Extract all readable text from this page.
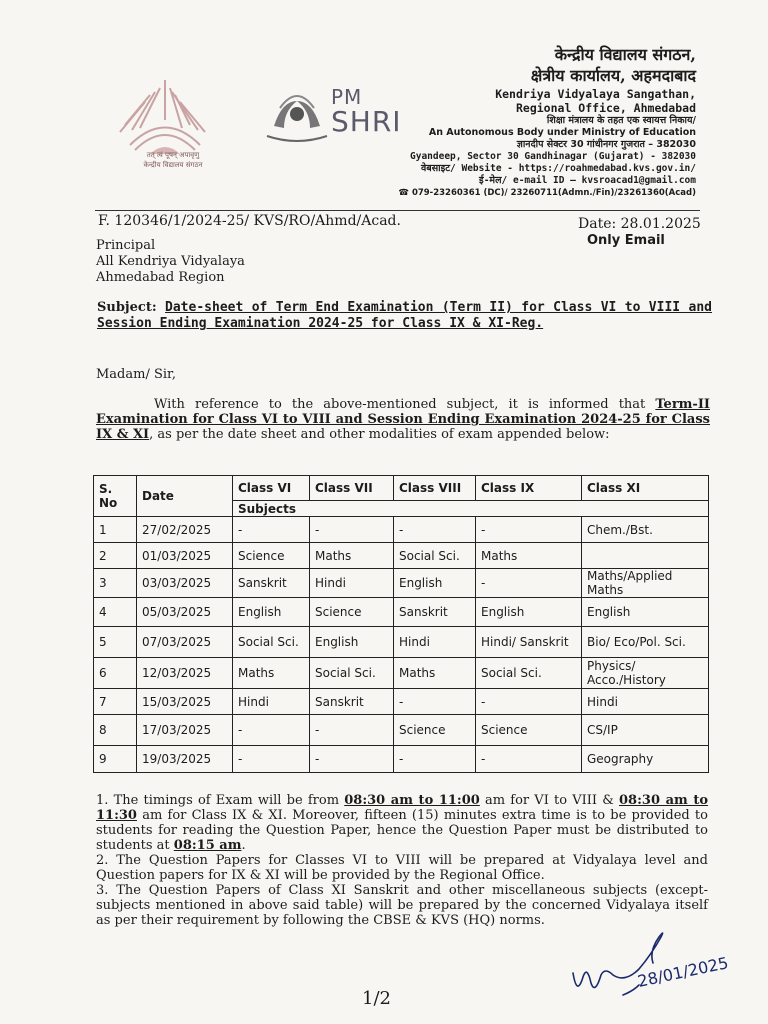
तत् त्वं पूषन् अपावृणु
केन्द्रीय विद्यालय संगठन
PM
SHRI
केन्द्रीय विद्यालय संगठन,
क्षेत्रीय कार्यालय, अहमदाबाद
Kendriya Vidyalaya Sangathan,
Regional Office, Ahmedabad
शिक्षा मंत्रालय के तहत एक स्वायत्त निकाय/
An Autonomous Body under Ministry of Education
ज्ञानदीप सेक्टर 30 गांधीनगर गुजरात – 382030
Gyandeep, Sector 30 Gandhinagar (Gujarat) - 382030
वेबसाइट/ Website - https://roahmedabad.kvs.gov.in/
ई-मेल/ e-mail ID – kvsroacad1@gmail.com
☎ 079-23260361 (DC)/ 23260711(Admn./Fin)/23261360(Acad)
F. 120346/1/2024-25/ KVS/RO/Ahmd/Acad.	Date: 28.01.2025
Only Email
Principal
All Kendriya Vidyalaya
Ahmedabad Region
Subject: Date-sheet of Term End Examination (Term II) for Class VI to VIII and Session Ending Examination 2024-25 for Class IX & XI-Reg.
Madam/ Sir,
With reference to the above-mentioned subject, it is informed that Term-II Examination for Class VI to VIII and Session Ending Examination 2024-25 for Class IX & XI, as per the date sheet and other modalities of exam appended below:
S. No	Date	Class VI	Class VII	Class VIII	Class IX	Class XI
		Subjects				
1	27/02/2025	-	-	-	-	Chem./Bst.
2	01/03/2025	Science	Maths	Social Sci.	Maths	
3	03/03/2025	Sanskrit	Hindi	English	-	Maths/Applied Maths
4	05/03/2025	English	Science	Sanskrit	English	English
5	07/03/2025	Social Sci.	English	Hindi	Hindi/ Sanskrit	Bio/ Eco/Pol. Sci.
6	12/03/2025	Maths	Social Sci.	Maths	Social Sci.	Physics/ Acco./History
7	15/03/2025	Hindi	Sanskrit	-	-	Hindi
8	17/03/2025	-	-	Science	Science	CS/IP
9	19/03/2025	-	-	-	-	Geography

1. The timings of Exam will be from 08:30 am to 11:00 am for VI to VIII & 08:30 am to 11:30 am for Class IX & XI. Moreover, fifteen (15) minutes extra time is to be provided to students for reading the Question Paper, hence the Question Paper must be distributed to students at 08:15 am.

2. The Question Papers for Classes VI to VIII will be prepared at Vidyalaya level and Question papers for IX & XI will be provided by the Regional Office.

3. The Question Papers of Class XI Sanskrit and other miscellaneous subjects (except-subjects mentioned in above said table) will be prepared by the concerned Vidyalaya itself as per their requirement by following the CBSE & KVS (HQ) norms.

28/01/2025
1/2
